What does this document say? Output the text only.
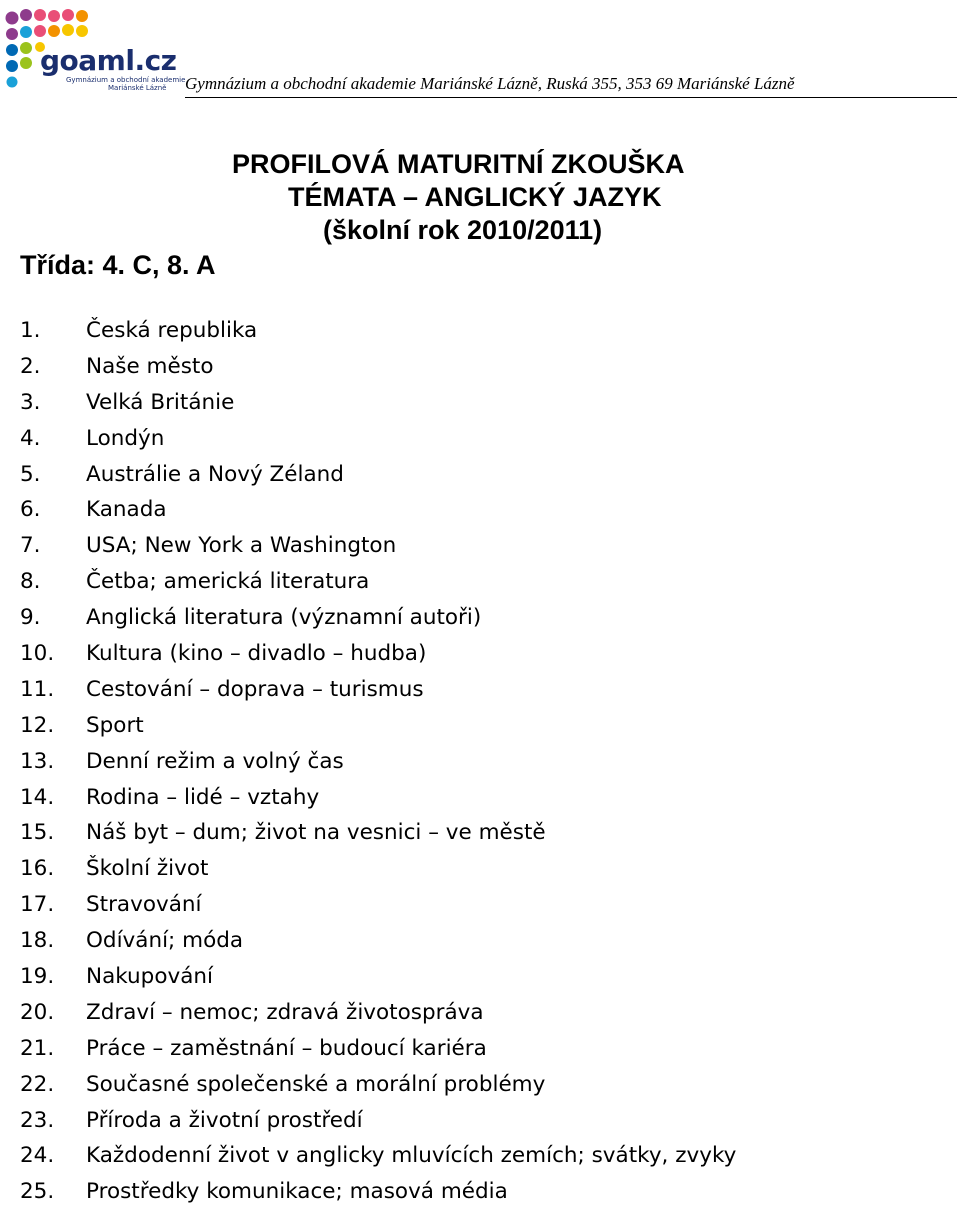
goaml.cz
Gymnázium a obchodní akademie
Mariánské Lázně Gymnázium a obchodní akademie Mariánské Lázně, Ruská 355, 353 69 Mariánské Lázně
PROFILOVÁ MATURITNÍ ZKOUŠKA
TÉMATA – ANGLICKÝ JAZYK
(školní rok 2010/2011)
Třída: 4. C, 8. A
1.	Česká republika
2.	Naše město
3.	Velká Británie
4.	Londýn
5.	Austrálie a Nový Zéland
6.	Kanada
7.	USA; New York a Washington
8.	Četba; americká literatura
9.	Anglická literatura (významní autoři)
10.	Kultura (kino – divadlo – hudba)
11.	Cestování – doprava – turismus
12.	Sport
13.	Denní režim a volný čas
14.	Rodina – lidé – vztahy
15.	Náš byt – dum; život na vesnici – ve městě
16.	Školní život
17.	Stravování
18.	Odívání; móda
19.	Nakupování
20.	Zdraví – nemoc; zdravá životospráva
21.	Práce – zaměstnání – budoucí kariéra
22.	Současné společenské a morální problémy
23.	Příroda a životní prostředí
24.	Každodenní život v anglicky mluvících zemích; svátky, zvyky
25.	Prostředky komunikace; masová média
